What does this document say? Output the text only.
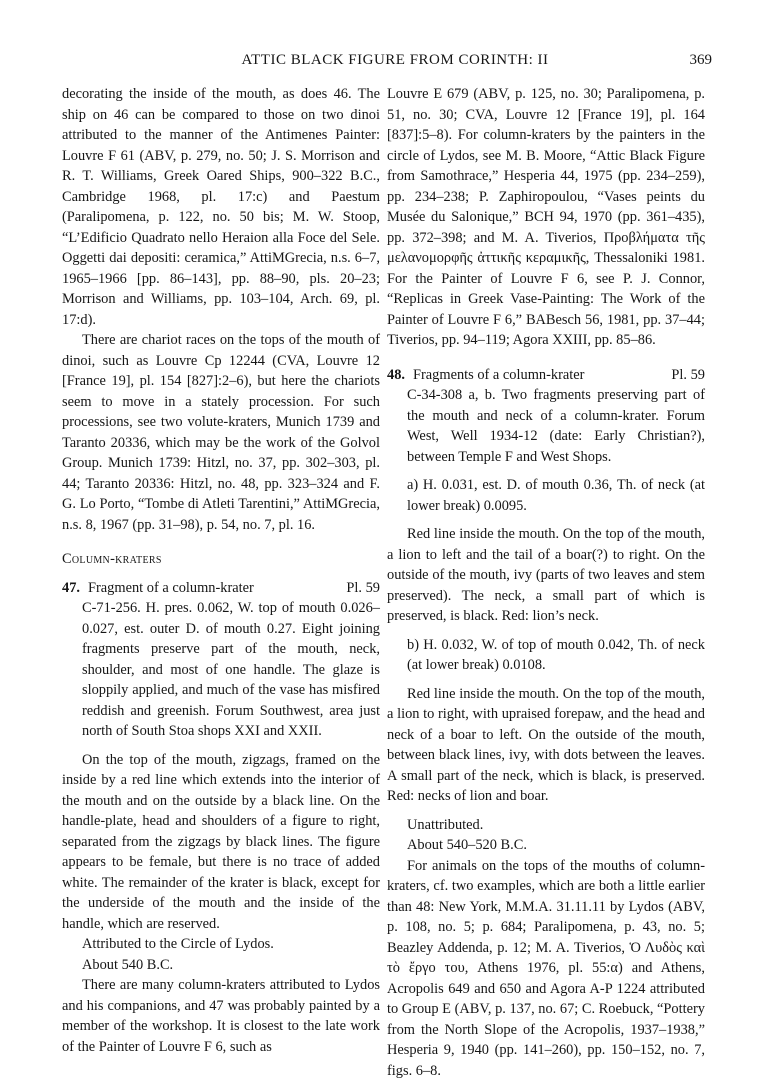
ATTIC BLACK FIGURE FROM CORINTH: II	369

decorating the inside of the mouth, as does 46. The ship on 46 can be compared to those on two dinoi attributed to the manner of the Antimenes Painter: Louvre F 61 (ABV, p. 279, no. 50; J. S. Morrison and R. T. Williams, Greek Oared Ships, 900–322 B.C., Cambridge 1968, pl. 17:c) and Paestum (Paralipomena, p. 122, no. 50 bis; M. W. Stoop, “L’Edificio Quadrato nello Heraion alla Foce del Sele. Oggetti dai depositi: ceramica,” AttiMGrecia, n.s. 6–7, 1965–1966 [pp. 86–143], pp. 88–90, pls. 20–23; Morrison and Williams, pp. 103–104, Arch. 69, pl. 17:d).

There are chariot races on the tops of the mouth of dinoi, such as Louvre Cp 12244 (CVA, Louvre 12 [France 19], pl. 154 [827]:2–6), but here the chariots seem to move in a stately procession. For such processions, see two volute-kraters, Munich 1739 and Taranto 20336, which may be the work of the Golvol Group. Munich 1739: Hitzl, no. 37, pp. 302–303, pl. 44; Taranto 20336: Hitzl, no. 48, pp. 323–324 and F. G. Lo Porto, “Tombe di Atleti Tarentini,” AttiMGrecia, n.s. 8, 1967 (pp. 31–98), p. 54, no. 7, pl. 16.

Column-kraters

47. Fragment of a column-krater	Pl. 59

C-71-256. H. pres. 0.062, W. top of mouth 0.026–0.027, est. outer D. of mouth 0.27. Eight joining fragments preserve part of the mouth, neck, shoulder, and most of one handle. The glaze is sloppily applied, and much of the vase has misfired reddish and greenish. Forum Southwest, area just north of South Stoa shops XXI and XXII.

On the top of the mouth, zigzags, framed on the inside by a red line which extends into the interior of the mouth and on the outside by a black line. On the handle-plate, head and shoulders of a figure to right, separated from the zigzags by black lines. The figure appears to be female, but there is no trace of added white. The remainder of the krater is black, except for the underside of the mouth and the inside of the handle, which are reserved.

Attributed to the Circle of Lydos.

About 540 B.C.

There are many column-kraters attributed to Lydos and his companions, and 47 was probably painted by a member of the workshop. It is closest to the late work of the Painter of Louvre F 6, such as

Louvre E 679 (ABV, p. 125, no. 30; Paralipomena, p. 51, no. 30; CVA, Louvre 12 [France 19], pl. 164 [837]:5–8). For column-kraters by the painters in the circle of Lydos, see M. B. Moore, “Attic Black Figure from Samothrace,” Hesperia 44, 1975 (pp. 234–259), pp. 234–238; P. Zaphiropoulou, “Vases peints du Musée du Salonique,” BCH 94, 1970 (pp. 361–435), pp. 372–398; and M. A. Tiverios, Προβλήματα τῆς μελανομορφῆς ἀττικῆς κεραμικῆς, Thessaloniki 1981. For the Painter of Louvre F 6, see P. J. Connor, “Replicas in Greek Vase-Painting: The Work of the Painter of Louvre F 6,” BABesch 56, 1981, pp. 37–44; Tiverios, pp. 94–119; Agora XXIII, pp. 85–86.

48. Fragments of a column-krater	Pl. 59

C-34-308 a, b. Two fragments preserving part of the mouth and neck of a column-krater. Forum West, Well 1934-12 (date: Early Christian?), between Temple F and West Shops.

a) H. 0.031, est. D. of mouth 0.36, Th. of neck (at lower break) 0.0095.

Red line inside the mouth. On the top of the mouth, a lion to left and the tail of a boar(?) to right. On the outside of the mouth, ivy (parts of two leaves and stem preserved). The neck, a small part of which is preserved, is black. Red: lion’s neck.

b) H. 0.032, W. of top of mouth 0.042, Th. of neck (at lower break) 0.0108.

Red line inside the mouth. On the top of the mouth, a lion to right, with upraised forepaw, and the head and neck of a boar to left. On the outside of the mouth, between black lines, ivy, with dots between the leaves. A small part of the neck, which is black, is preserved. Red: necks of lion and boar.

Unattributed.

About 540–520 B.C.

For animals on the tops of the mouths of column-kraters, cf. two examples, which are both a little earlier than 48: New York, M.M.A. 31.11.11 by Lydos (ABV, p. 108, no. 5; p. 684; Paralipomena, p. 43, no. 5; Beazley Addenda, p. 12; M. A. Tiverios, Ὁ Λυδὸς καὶ τὸ ἔργο του, Athens 1976, pl. 55:α) and Athens, Acropolis 649 and 650 and Agora A-P 1224 attributed to Group E (ABV, p. 137, no. 67; C. Roebuck, “Pottery from the North Slope of the Acropolis, 1937–1938,” Hesperia 9, 1940 (pp. 141–260), pp. 150–152, no. 7, figs. 6–8.
